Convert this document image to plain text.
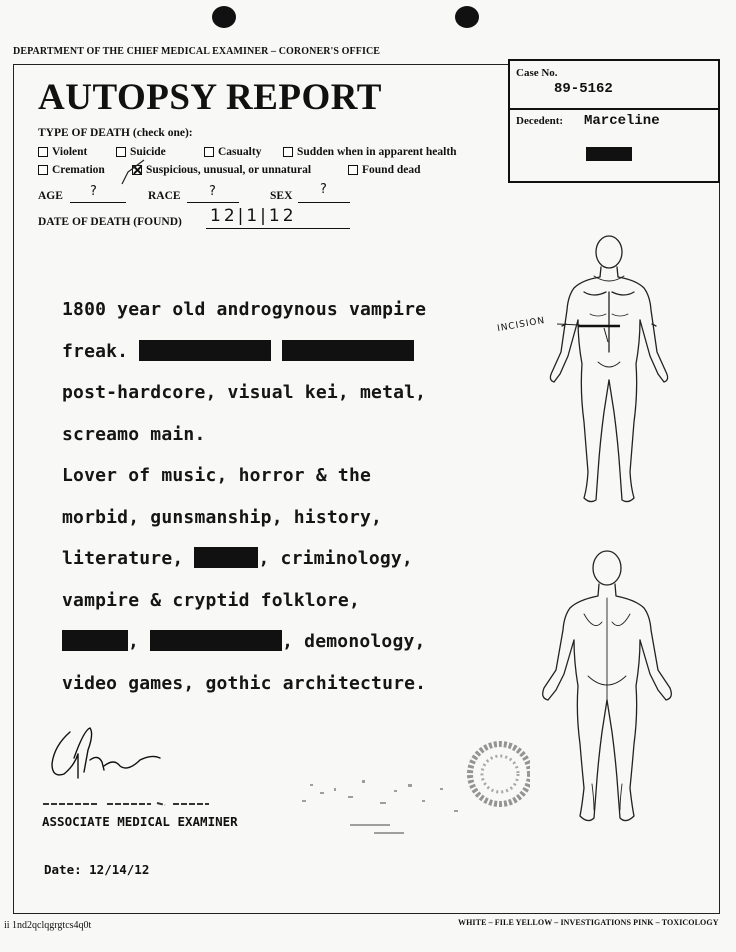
DEPARTMENT OF THE CHIEF MEDICAL EXAMINER – CORONER'S OFFICE
Case No.
89-5162
Decedent: Marceline
AUTOPSY REPORT
TYPE OF DEATH (check one):
Violent	Suicide	Casualty	Sudden when in apparent health
Cremation	Suspicious, unusual, or unnatural	Found dead
AGE ?	RACE ?	SEX ?
DATE OF DEATH (FOUND) 12|1|12

1800 year old androgynous vampire

freak.

post-hardcore, visual kei, metal,

screamo main.

Lover of music, horror & the

morbid, gunsmanship, history,

literature,	, criminology,

vampire & cryptid folklore,

,	, demonology,

video games, gothic architecture.

INCISION
ASSOCIATE MEDICAL EXAMINER
Date: 12/14/12
ii 1nd2qclqgrgtcs4q0t	WHITE – FILE YELLOW – INVESTIGATIONS PINK – TOXICOLOGY
